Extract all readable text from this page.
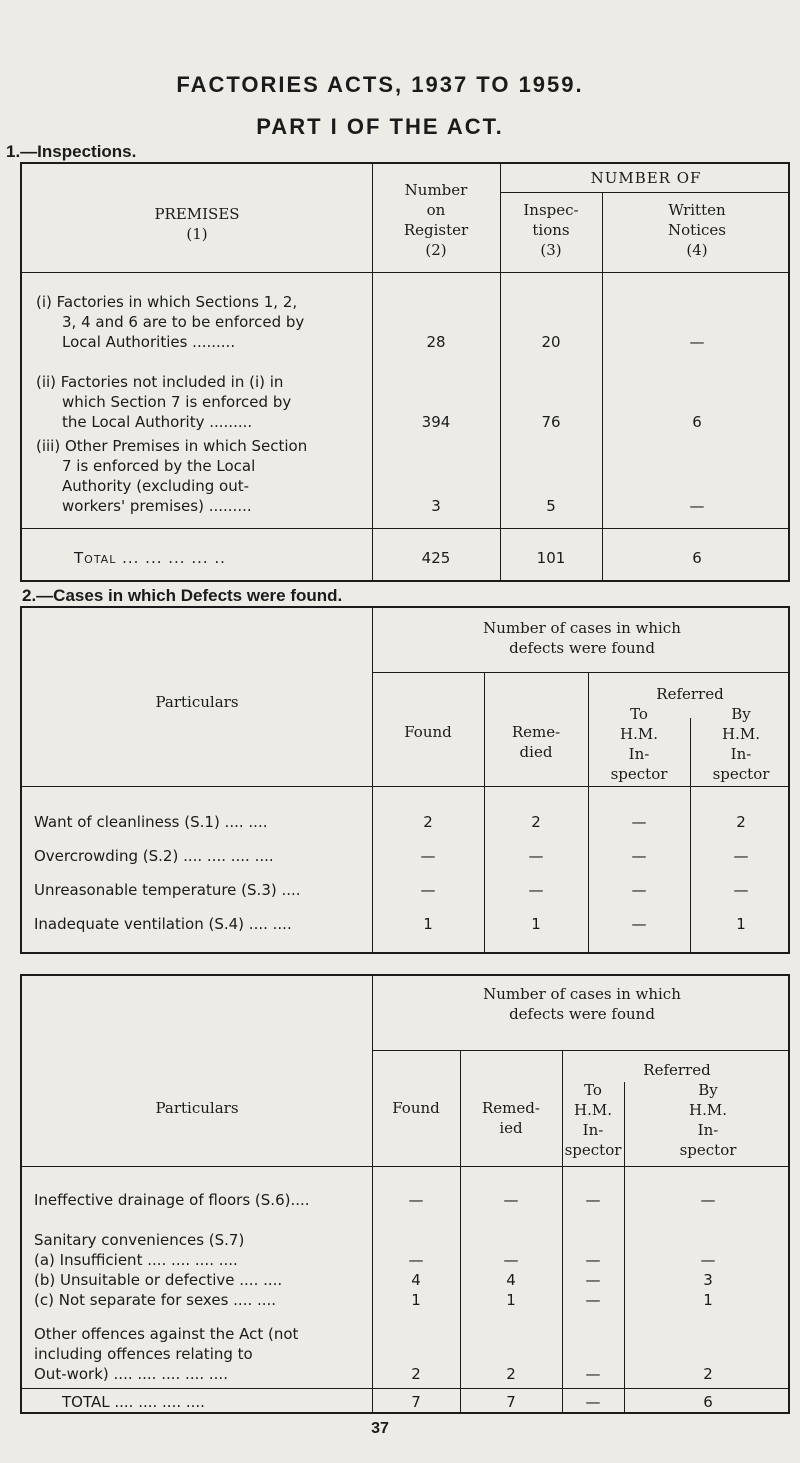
FACTORIES ACTS, 1937 TO 1959.
PART I OF THE ACT.
1.—Inspections.
PREMISES
(1)
Number
on
Register
(2)
NUMBER OF
Inspec-
tions
(3)
Written
Notices
(4)
(i) Factories in which Sections 1, 2,
3, 4 and 6 are to be enforced by
Local Authorities .........	28	20	—
(ii) Factories not included in (i) in
which Section 7 is enforced by
the Local Authority .........	394	76	6
(iii) Other Premises in which Section
7 is enforced by the Local
Authority (excluding out-
workers' premises) .........	3	5	—
Total ... ... ... ... ..	425	101	6
2.—Cases in which Defects were found.
Particulars
Number of cases in which
defects were found
Found	Reme-
died
Referred
To
H.M.
In-
spector
By
H.M.
In-
spector
Want of cleanliness (S.1) .... ....	2	2	—	2
Overcrowding (S.2) .... .... .... ....	—	—	—	—
Unreasonable temperature (S.3) ....	—	—	—	—
Inadequate ventilation (S.4) .... ....	1	1	—	1
Particulars
Number of cases in which
defects were found
Found	Remed-
ied
Referred
To
H.M.
In-
spector
By
H.M.
In-
spector
Ineffective drainage of floors (S.6)....	—	—	—	—
Sanitary conveniences (S.7)
(a) Insufficient .... .... .... ....	—	—	—	—
(b) Unsuitable or defective .... ....	4	4	—	3
(c) Not separate for sexes .... ....	1	1	—	1
Other offences against the Act (not
including offences relating to
Out-work) .... .... .... .... ....	2	2	—	2
TOTAL .... .... .... ....	7	7	—	6
37
